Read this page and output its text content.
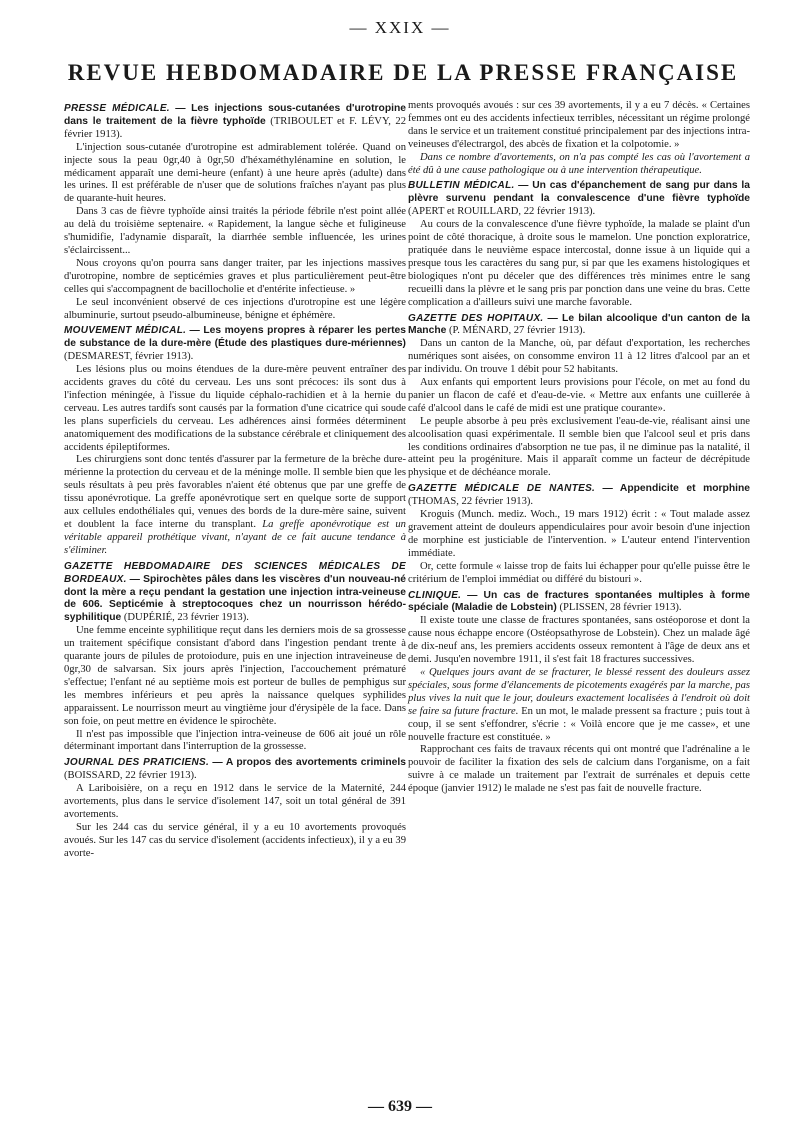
— XXIX —
REVUE HEBDOMADAIRE DE LA PRESSE FRANÇAISE

PRESSE MÉDICALE. — Les injections sous-cutanées d'urotropine dans le traitement de la fièvre typhoïde (TRIBOULET et F. LÉVY, 22 février 1913).

L'injection sous-cutanée d'urotropine est admirablement tolérée. Quand on injecte sous la peau 0gr,40 à 0gr,50 d'héxaméthylénamine en solution, le médicament apparaît une demi-heure (enfant) à une heure après (adulte) dans les urines. Il est préférable de n'user que de solutions fraîches n'ayant pas plus de quarante-huit heures.

Dans 3 cas de fièvre typhoïde ainsi traités la période fébrile n'est point allée au delà du troisième septenaire. « Rapidement, la langue sèche et fuligineuse s'humidifie, l'adynamie disparaît, la diarrhée semble influencée, les urines s'éclaircissent...

Nous croyons qu'on pourra sans danger traiter, par les injections massives d'urotropine, nombre de septicémies graves et plus particulièrement peut-être celles qui s'accompagnent de bacillocholie et d'entérite infectieuse. »

Le seul inconvénient observé de ces injections d'urotropine est une légère albuminurie, surtout pseudo-albumineuse, bénigne et éphémère.

MOUVEMENT MÉDICAL. — Les moyens propres à réparer les pertes de substance de la dure-mère (Étude des plastiques dure-mériennes) (DESMAREST, février 1913).

Les lésions plus ou moins étendues de la dure-mère peuvent entraîner des accidents graves du côté du cerveau. Les uns sont précoces: ils sont dus à l'infection méningée, à l'issue du liquide céphalo-rachidien et à la hernie du cerveau. Les autres tardifs sont causés par la formation d'une cicatrice qui soude les plans superficiels du cerveau. Les adhérences ainsi formées déterminent anatomiquement des modifications de la substance cérébrale et cliniquement des accidents épileptiformes.

Les chirurgiens sont donc tentés d'assurer par la fermeture de la brèche dure-mérienne la protection du cerveau et de la méninge molle. Il semble bien que les seuls résultats à peu près favorables n'aient été obtenus que par une greffe de tissu aponévrotique. La greffe aponévrotique sert en quelque sorte de support aux cellules endothéliales qui, venues des bords de la dure-mère saine, suivent et doublent la face interne du transplant. La greffe aponévrotique est un véritable appareil prothétique vivant, n'ayant de ce fait aucune tendance à s'éliminer.

GAZETTE HEBDOMADAIRE DES SCIENCES MÉDICALES DE BORDEAUX. — Spirochètes pâles dans les viscères d'un nouveau-né dont la mère a reçu pendant la gestation une injection intra-veineuse de 606. Septicémie à streptocoques chez un nourrisson hérédo-syphilitique (DUPÉRIÉ, 23 février 1913).

Une femme enceinte syphilitique reçut dans les derniers mois de sa grossesse un traitement spécifique consistant d'abord dans l'ingestion pendant trente à quarante jours de pilules de protoiodure, puis en une injection intraveineuse de 0gr,30 de salvarsan. Six jours après l'injection, l'accouchement prématuré s'effectue; l'enfant né au septième mois est porteur de bulles de pemphigus sur les membres inférieurs et peu après la naissance quelques syphilides apparaissent. Le nourrisson meurt au vingtième jour d'érysipèle de la face. Dans son foie, on peut mettre en évidence le spirochète.

Il n'est pas impossible que l'injection intra-veineuse de 606 ait joué un rôle déterminant important dans l'interruption de la grossesse.

JOURNAL DES PRATICIENS. — A propos des avortements criminels (BOISSARD, 22 février 1913).

A Lariboisière, on a reçu en 1912 dans le service de la Maternité, 244 avortements, plus dans le service d'isolement 147, soit un total général de 391 avortements.

Sur les 244 cas du service général, il y a eu 10 avortements provoqués avoués. Sur les 147 cas du service d'isolement (accidents infectieux), il y a eu 39 avorte-

ments provoqués avoués : sur ces 39 avortements, il y a eu 7 décès. « Certaines femmes ont eu des accidents infectieux terribles, nécessitant un régime prolongé dans le service et un traitement constitué principalement par des injections intra-veineuses d'électrargol, des abcès de fixation et la colpotomie. »

Dans ce nombre d'avortements, on n'a pas compté les cas où l'avortement a été dû à une cause pathologique ou à une intervention thérapeutique.

BULLETIN MÉDICAL. — Un cas d'épanchement de sang pur dans la plèvre survenu pendant la convalescence d'une fièvre typhoïde (APERT et ROUILLARD, 22 février 1913).

Au cours de la convalescence d'une fièvre typhoïde, la malade se plaint d'un point de côté thoracique, à droite sous le mamelon. Une ponction exploratrice, pratiquée dans le neuvième espace intercostal, donne issue à un liquide qui a presque tous les caractères du sang pur, si par que les examens histologiques et biologiques n'ont pu déceler que des différences très minimes entre le sang recueilli dans la plèvre et le sang pris par ponction dans une veine du bras. Cette complication a d'ailleurs suivi une marche favorable.

GAZETTE DES HOPITAUX. — Le bilan alcoolique d'un canton de la Manche (P. MÉNARD, 27 février 1913).

Dans un canton de la Manche, où, par défaut d'exportation, les recherches numériques sont aisées, on consomme environ 11 à 12 litres d'alcool par an et par individu. On trouve 1 débit pour 52 habitants.

Aux enfants qui emportent leurs provisions pour l'école, on met au fond du panier un flacon de café et d'eau-de-vie. « Mettre aux enfants une cuillerée à café d'alcool dans le café de midi est une pratique courante».

Le peuple absorbe à peu près exclusivement l'eau-de-vie, réalisant ainsi une alcoolisation quasi expérimentale. Il semble bien que l'alcool seul et pris dans les conditions ordinaires d'absorption ne tue pas, il ne diminue pas la natalité, il atteint peu la progéniture. Mais il apparaît comme un facteur de décrépitude physique et de déchéance morale.

GAZETTE MÉDICALE DE NANTES. — Appendicite et morphine (THOMAS, 22 février 1913).

Kroguis (Munch. mediz. Woch., 19 mars 1912) écrit : « Tout malade assez gravement atteint de douleurs appendiculaires pour avoir besoin d'une injection de morphine est justiciable de l'intervention. » L'auteur entend l'intervention immédiate.

Or, cette formule « laisse trop de faits lui échapper pour qu'elle puisse être le critérium de l'emploi immédiat ou différé du bistouri ».

CLINIQUE. — Un cas de fractures spontanées multiples à forme spéciale (Maladie de Lobstein) (PLISSEN, 28 février 1913).

Il existe toute une classe de fractures spontanées, sans ostéoporose et dont la cause nous échappe encore (Ostéopsathyrose de Lobstein). Chez un malade âgé de dix-neuf ans, les premiers accidents osseux remontent à l'âge de deux ans et demi. Jusqu'en novembre 1911, il s'est fait 18 fractures successives.

« Quelques jours avant de se fracturer, le blessé ressent des douleurs assez spéciales, sous forme d'élancements de picotements exagérés par la marche, pas plus vives la nuit que le jour, douleurs exactement localisées à l'endroit où doit se faire sa future fracture. En un mot, le malade pressent sa fracture ; puis tout à coup, il se sent s'effondrer, s'écrie : « Voilà encore que je me casse», et une nouvelle fracture est constituée. »

Rapprochant ces faits de travaux récents qui ont montré que l'adrénaline a le pouvoir de faciliter la fixation des sels de calcium dans l'organisme, on a fait suivre à ce malade un traitement par l'extrait de surrénales et depuis cette époque (janvier 1912) le malade ne s'est pas fait de nouvelle fracture.

— 639 —
